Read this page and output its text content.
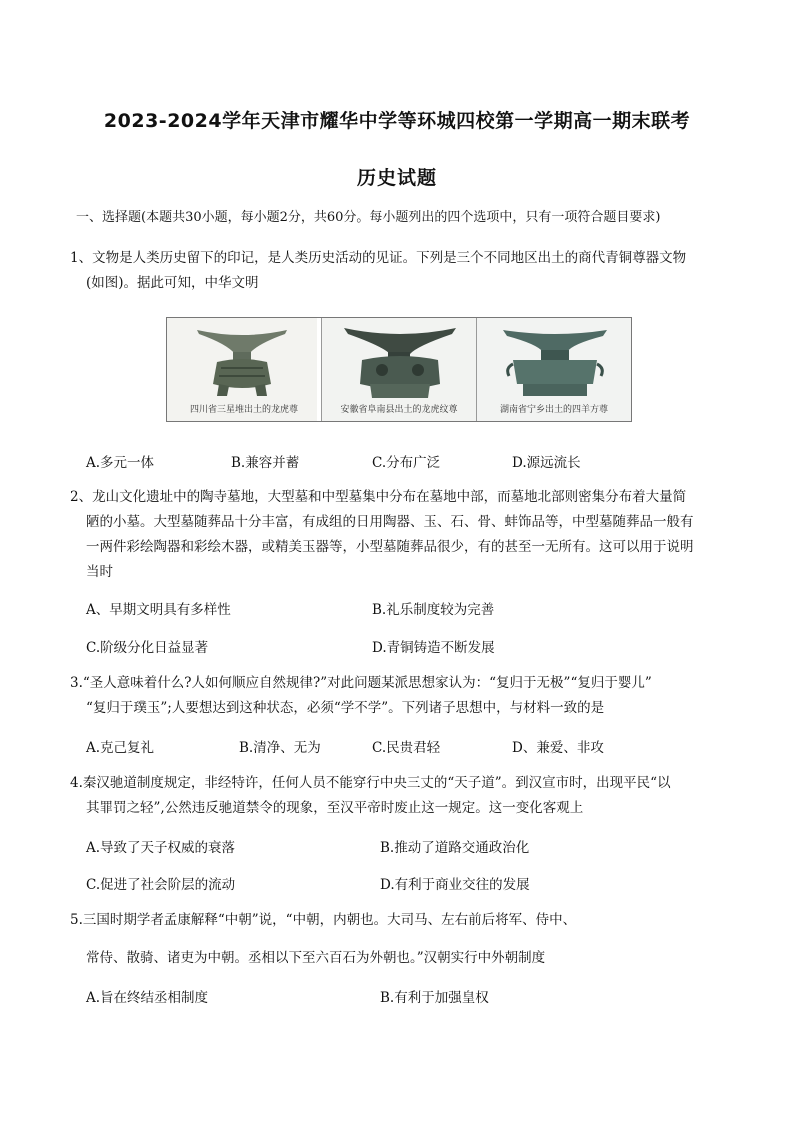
2023-2024学年天津市耀华中学等环城四校第一学期高一期末联考
历史试题
一、选择题(本题共30小题，每小题2分，共60分。每小题列出的四个选项中，只有一项符合题目要求)
1、文物是人类历史留下的印记，是人类历史活动的见证。下列是三个不同地区出土的商代青铜尊器文物
(如图)。据此可知，中华文明
四川省三星堆出土的龙虎尊	安徽省阜南县出土的龙虎纹尊	湖南省宁乡出土的四羊方尊
A.多元一体	B.兼容并蓄	C.分布广泛	D.源远流长
2、龙山文化遗址中的陶寺墓地，大型墓和中型墓集中分布在墓地中部，而墓地北部则密集分布着大量简
陋的小墓。大型墓随葬品十分丰富，有成组的日用陶器、玉、石、骨、蚌饰品等，中型墓随葬品一般有
一两件彩绘陶器和彩绘木器，或精美玉器等，小型墓随葬品很少，有的甚至一无所有。这可以用于说明
当时
A、早期文明具有多样性	B.礼乐制度较为完善
C.阶级分化日益显著	D.青铜铸造不断发展
3.“圣人意味着什么?人如何顺应自然规律?”对此问题某派思想家认为：“复归于无极”“复归于婴儿”
“复归于璞玉”;人要想达到这种状态，必须“学不学”。下列诸子思想中，与材料一致的是
A.克己复礼	B.清净、无为	C.民贵君轻	D、兼爱、非攻
4.秦汉驰道制度规定，非经特许，任何人员不能穿行中央三丈的“天子道”。到汉宣市时，出现平民“以
其罪罚之轻”,公然违反驰道禁令的现象，至汉平帝时废止这一规定。这一变化客观上
A.导致了天子权威的衰落	B.推动了道路交通政治化
C.促进了社会阶层的流动	D.有利于商业交往的发展
5.三国时期学者孟康解释“中朝”说，“中朝，内朝也。大司马、左右前后将军、侍中、
常侍、散骑、诸吏为中朝。丞相以下至六百石为外朝也。”汉朝实行中外朝制度
A.旨在终结丞相制度	B.有利于加强皇权
